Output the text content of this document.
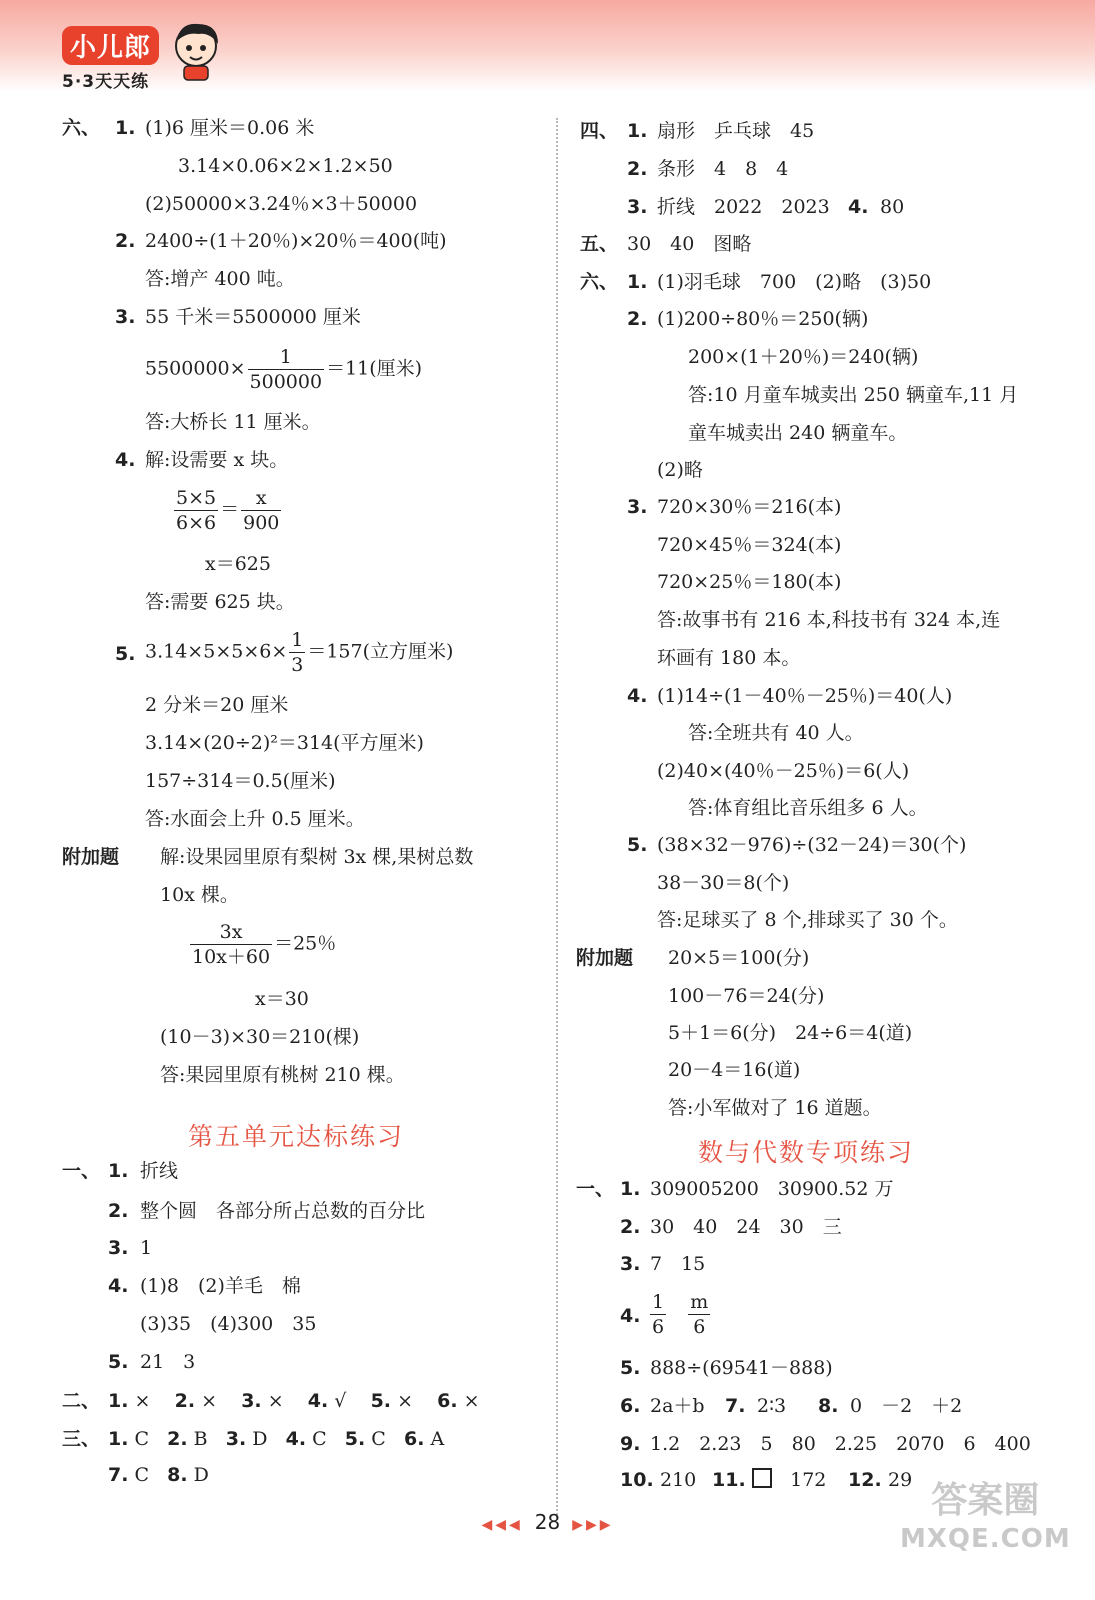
小儿郎
5·3天天练
六、 1. (1)6 厘米＝0.06 米
3.14×0.06×2×1.2×50
(2)50000×3.24％×3＋50000
2. 2400÷(1＋20％)×20％＝400(吨)
答:增产 400 吨。
3. 55 千米＝5500000 厘米
$5500000\times \frac{1}{500000} =11$(厘米)
答:大桥长 11 厘米。
4. 解:设需要 x 块。
$\frac{5\times 5}{6\times 6} = \frac{x}{900}$
x＝625
答:需要 625 块。
5. $3.14\times 5\times 5\times 6\times \frac{1}{3} =157$(立方厘米)
2 分米＝20 厘米
3.14×(20÷2)²＝314(平方厘米)
157÷314＝0.5(厘米)
答:水面会上升 0.5 厘米。
附加题 解:设果园里原有梨树 3x 棵,果树总数
10x 棵。
$\frac{3x}{10x+60} =25$％
x＝30
(10－3)×30＝210(棵)
答:果园里原有桃树 210 棵。
第五单元达标练习
一、 1. 折线
2. 整个圆　各部分所占总数的百分比
3. 1
4. (1)8　(2)羊毛　棉
(3)35　(4)300　35
5. 21　3
二、 1. × 2. × 3. × 4. √ 5. × 6. ×
三、 1. C 2. B 3. D 4. C 5. C 6. A
7. C 8. D
四、 1. 扇形　乒乓球　45
2. 条形　4　8　4
3. 折线　2022　2023 4. 80
五、 30　40　图略
六、 1. (1)羽毛球　700　(2)略　(3)50
2. (1)200÷80％＝250(辆)
200×(1＋20％)＝240(辆)
答:10 月童车城卖出 250 辆童车,11 月
童车城卖出 240 辆童车。
(2)略
3. 720×30％＝216(本)
720×45％＝324(本)
720×25％＝180(本)
答:故事书有 216 本,科技书有 324 本,连
环画有 180 本。
4. (1)14÷(1－40％－25％)＝40(人)
答:全班共有 40 人。
(2)40×(40％－25％)＝6(人)
答:体育组比音乐组多 6 人。
5. (38×32－976)÷(32－24)＝30(个)
38－30＝8(个)
答:足球买了 8 个,排球买了 30 个。
附加题 20×5＝100(分)
100－76＝24(分)
5＋1＝6(分)　24÷6＝4(道)
20－4＝16(道)
答:小军做对了 16 道题。
数与代数专项练习
一、 1. 309005200　30900.52 万
2. 30　40　24　30　三
3. 7　15
4. $\frac{1}{6}$
$\frac{m}{6}$
5. 888÷(69541－888)
6. 2a＋b 7. 2∶3 8. 0　－2　＋2
9. 1.2　2.23　5　80　2.25　2070　6　400
10. 210 11.	172 12. 29
◀◀◀ 28 ▶▶▶
答案圈
MXQE.COM
